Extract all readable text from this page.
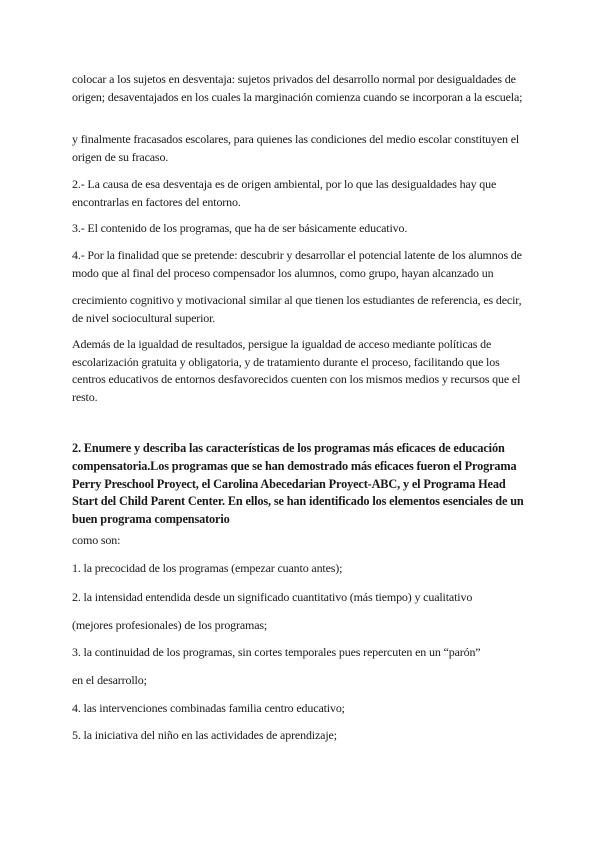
colocar a los sujetos en desventaja: sujetos privados del desarrollo normal por desigualdades de origen; desaventajados en los cuales la marginación comienza cuando se incorporan a la escuela;

y finalmente fracasados escolares, para quienes las condiciones del medio escolar constituyen el origen de su fracaso.

2.- La causa de esa desventaja es de origen ambiental, por lo que las desigualdades hay que encontrarlas en factores del entorno.

3.- El contenido de los programas, que ha de ser básicamente educativo.

4.- Por la finalidad que se pretende: descubrir y desarrollar el potencial latente de los alumnos de modo que al final del proceso compensador los alumnos, como grupo, hayan alcanzado un

crecimiento cognitivo y motivacional similar al que tienen los estudiantes de referencia, es decir, de nivel sociocultural superior.

Además de la igualdad de resultados, persigue la igualdad de acceso mediante políticas de escolarización gratuita y obligatoria, y de tratamiento durante el proceso, facilitando que los centros educativos de entornos desfavorecidos cuenten con los mismos medios y recursos que el resto.

2. Enumere y describa las características de los programas más eficaces de educación compensatoria.Los programas que se han demostrado más eficaces fueron el Programa Perry Preschool Proyect, el Carolina Abecedarian Proyect-ABC, y el Programa Head Start del Child Parent Center. En ellos, se han identificado los elementos esenciales de un buen programa compensatorio

como son:

1. la precocidad de los programas (empezar cuanto antes);

2. la intensidad entendida desde un significado cuantitativo (más tiempo) y cualitativo

(mejores profesionales) de los programas;

3. la continuidad de los programas, sin cortes temporales pues repercuten en un “parón”

en el desarrollo;

4. las intervenciones combinadas familia centro educativo;

5. la iniciativa del niño en las actividades de aprendizaje;
